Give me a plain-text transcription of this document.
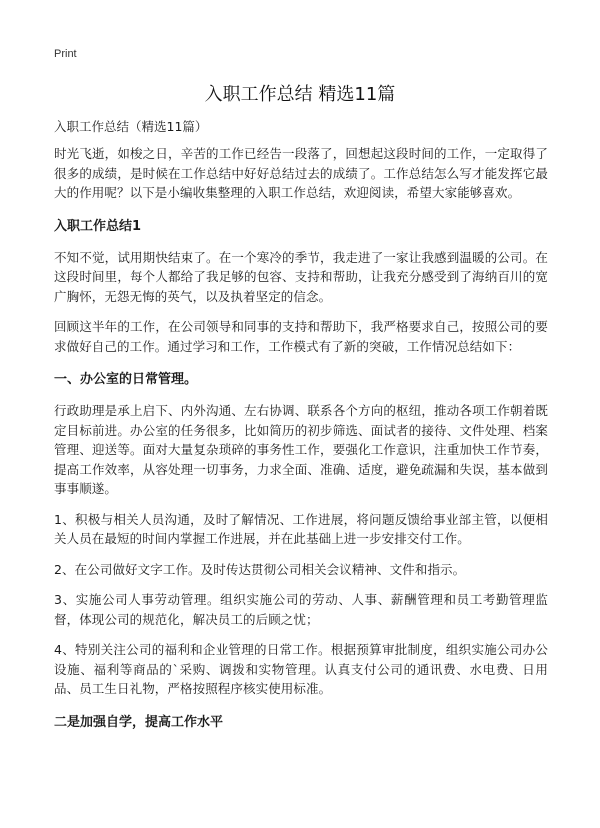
Print
入职工作总结 精选11篇
入职工作总结（精选11篇）

时光飞逝，如梭之日，辛苦的工作已经告一段落了，回想起这段时间的工作，一定取得了很多的成绩，是时候在工作总结中好好总结过去的成绩了。工作总结怎么写才能发挥它最大的作用呢？以下是小编收集整理的入职工作总结，欢迎阅读，希望大家能够喜欢。

入职工作总结1

不知不觉，试用期快结束了。在一个寒冷的季节，我走进了一家让我感到温暖的公司。在这段时间里，每个人都给了我足够的包容、支持和帮助，让我充分感受到了海纳百川的宽广胸怀，无怨无悔的英气，以及执着坚定的信念。

回顾这半年的工作，在公司领导和同事的支持和帮助下，我严格要求自己，按照公司的要求做好自己的工作。通过学习和工作，工作模式有了新的突破，工作情况总结如下：

一、办公室的日常管理。

行政助理是承上启下、内外沟通、左右协调、联系各个方向的枢纽，推动各项工作朝着既定目标前进。办公室的任务很多，比如简历的初步筛选、面试者的接待、文件处理、档案管理、迎送等。面对大量复杂琐碎的事务性工作，要强化工作意识，注重加快工作节奏，提高工作效率，从容处理一切事务，力求全面、准确、适度，避免疏漏和失误，基本做到事事顺遂。

1、积极与相关人员沟通，及时了解情况、工作进展，将问题反馈给事业部主管，以便相关人员在最短的时间内掌握工作进展，并在此基础上进一步安排交付工作。

2、在公司做好文字工作。及时传达贯彻公司相关会议精神、文件和指示。

3、实施公司人事劳动管理。组织实施公司的劳动、人事、薪酬管理和员工考勤管理监督，体现公司的规范化，解决员工的后顾之忧；

4、特别关注公司的福利和企业管理的日常工作。根据预算审批制度，组织实施公司办公设施、福利等商品的`采购、调拨和实物管理。认真支付公司的通讯费、水电费、日用品、员工生日礼物，严格按照程序核实使用标准。

二是加强自学，提高工作水平
